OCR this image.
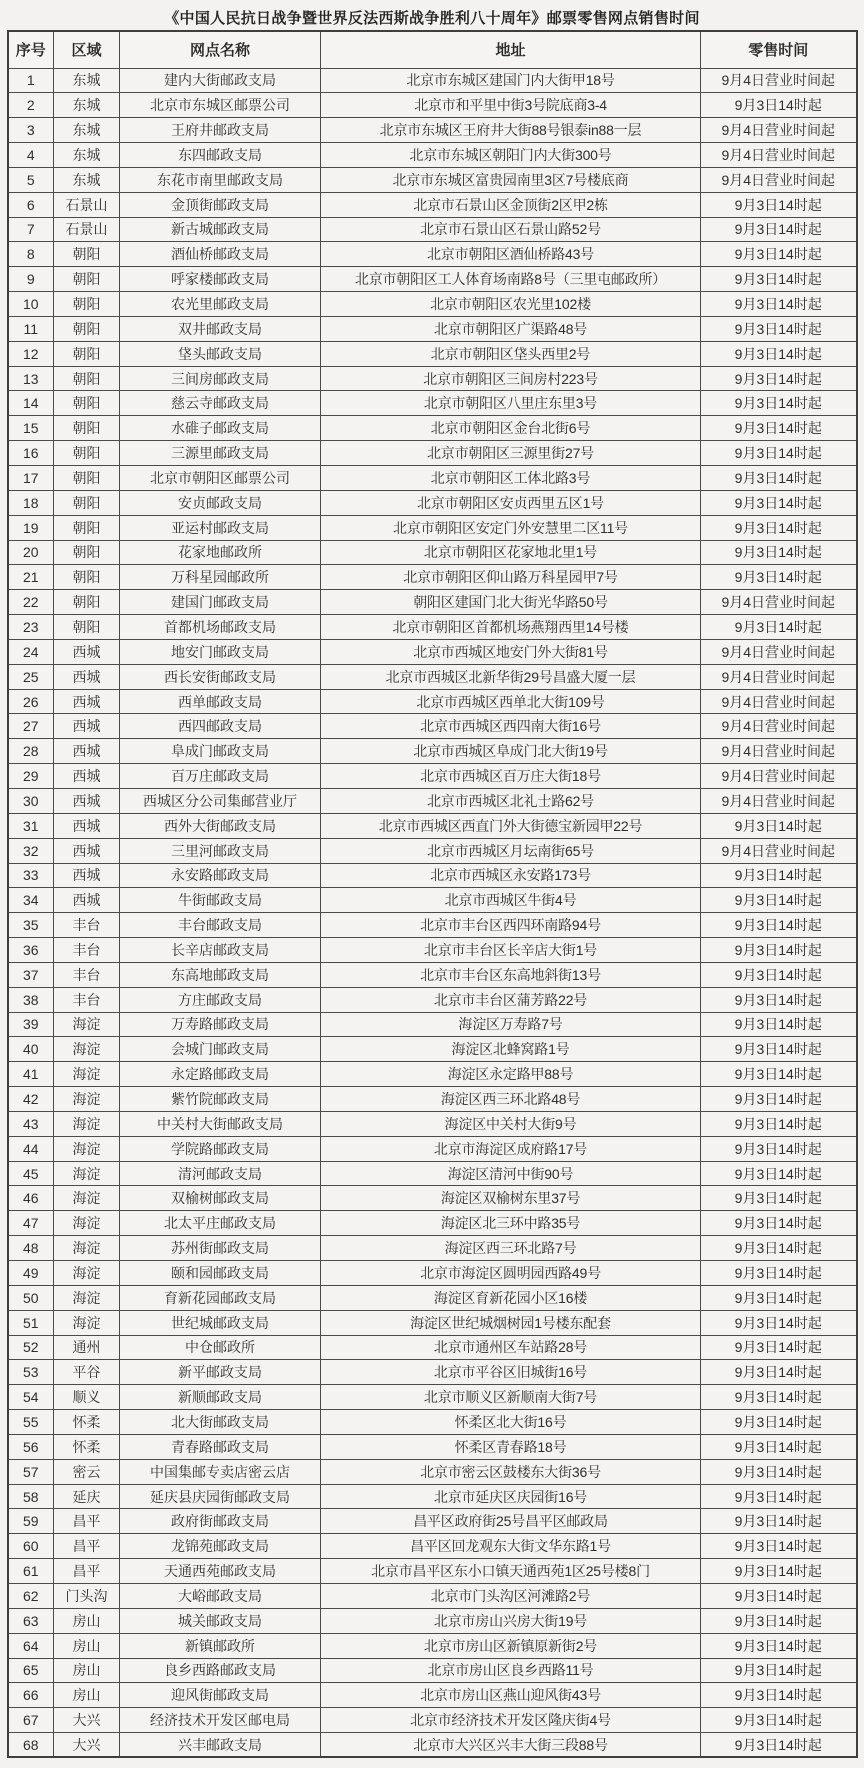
《中国人民抗日战争暨世界反法西斯战争胜利八十周年》邮票零售网点销售时间
序号	区域	网点名称	地址	零售时间
1	东城	建内大街邮政支局	北京市东城区建国门内大街甲18号	9月4日营业时间起
2	东城	北京市东城区邮票公司	北京市和平里中街3号院底商3-4	9月3日14时起
3	东城	王府井邮政支局	北京市东城区王府井大街88号银泰in88一层	9月4日营业时间起
4	东城	东四邮政支局	北京市东城区朝阳门内大街300号	9月4日营业时间起
5	东城	东花市南里邮政支局	北京市东城区富贵园南里3区7号楼底商	9月4日营业时间起
6	石景山	金顶街邮政支局	北京市石景山区金顶街2区甲2栋	9月3日14时起
7	石景山	新古城邮政支局	北京市石景山区石景山路52号	9月3日14时起
8	朝阳	酒仙桥邮政支局	北京市朝阳区酒仙桥路43号	9月3日14时起
9	朝阳	呼家楼邮政支局	北京市朝阳区工人体育场南路8号（三里屯邮政所）	9月3日14时起
10	朝阳	农光里邮政支局	北京市朝阳区农光里102楼	9月3日14时起
11	朝阳	双井邮政支局	北京市朝阳区广渠路48号	9月3日14时起
12	朝阳	垡头邮政支局	北京市朝阳区垡头西里2号	9月3日14时起
13	朝阳	三间房邮政支局	北京市朝阳区三间房村223号	9月3日14时起
14	朝阳	慈云寺邮政支局	北京市朝阳区八里庄东里3号	9月3日14时起
15	朝阳	水碓子邮政支局	北京市朝阳区金台北街6号	9月3日14时起
16	朝阳	三源里邮政支局	北京市朝阳区三源里街27号	9月3日14时起
17	朝阳	北京市朝阳区邮票公司	北京市朝阳区工体北路3号	9月3日14时起
18	朝阳	安贞邮政支局	北京市朝阳区安贞西里五区1号	9月3日14时起
19	朝阳	亚运村邮政支局	北京市朝阳区安定门外安慧里二区11号	9月3日14时起
20	朝阳	花家地邮政所	北京市朝阳区花家地北里1号	9月3日14时起
21	朝阳	万科星园邮政所	北京市朝阳区仰山路万科星园甲7号	9月3日14时起
22	朝阳	建国门邮政支局	朝阳区建国门北大街光华路50号	9月4日营业时间起
23	朝阳	首都机场邮政支局	北京市朝阳区首都机场燕翔西里14号楼	9月3日14时起
24	西城	地安门邮政支局	北京市西城区地安门外大街81号	9月4日营业时间起
25	西城	西长安街邮政支局	北京市西城区北新华街29号昌盛大厦一层	9月4日营业时间起
26	西城	西单邮政支局	北京市西城区西单北大街109号	9月4日营业时间起
27	西城	西四邮政支局	北京市西城区西四南大街16号	9月4日营业时间起
28	西城	阜成门邮政支局	北京市西城区阜成门北大街19号	9月4日营业时间起
29	西城	百万庄邮政支局	北京市西城区百万庄大街18号	9月4日营业时间起
30	西城	西城区分公司集邮营业厅	北京市西城区北礼士路62号	9月4日营业时间起
31	西城	西外大街邮政支局	北京市西城区西直门外大街德宝新园甲22号	9月3日14时起
32	西城	三里河邮政支局	北京市西城区月坛南街65号	9月4日营业时间起
33	西城	永安路邮政支局	北京市西城区永安路173号	9月3日14时起
34	西城	牛街邮政支局	北京市西城区牛街4号	9月3日14时起
35	丰台	丰台邮政支局	北京市丰台区西四环南路94号	9月3日14时起
36	丰台	长辛店邮政支局	北京市丰台区长辛店大街1号	9月3日14时起
37	丰台	东高地邮政支局	北京市丰台区东高地斜街13号	9月3日14时起
38	丰台	方庄邮政支局	北京市丰台区蒲芳路22号	9月3日14时起
39	海淀	万寿路邮政支局	海淀区万寿路7号	9月3日14时起
40	海淀	会城门邮政支局	海淀区北蜂窝路1号	9月3日14时起
41	海淀	永定路邮政支局	海淀区永定路甲88号	9月3日14时起
42	海淀	紫竹院邮政支局	海淀区西三环北路48号	9月3日14时起
43	海淀	中关村大街邮政支局	海淀区中关村大街9号	9月3日14时起
44	海淀	学院路邮政支局	北京市海淀区成府路17号	9月3日14时起
45	海淀	清河邮政支局	海淀区清河中街90号	9月3日14时起
46	海淀	双榆树邮政支局	海淀区双榆树东里37号	9月3日14时起
47	海淀	北太平庄邮政支局	海淀区北三环中路35号	9月3日14时起
48	海淀	苏州街邮政支局	海淀区西三环北路7号	9月3日14时起
49	海淀	颐和园邮政支局	北京市海淀区圆明园西路49号	9月3日14时起
50	海淀	育新花园邮政支局	海淀区育新花园小区16楼	9月3日14时起
51	海淀	世纪城邮政支局	海淀区世纪城烟树园1号楼东配套	9月3日14时起
52	通州	中仓邮政所	北京市通州区车站路28号	9月3日14时起
53	平谷	新平邮政支局	北京市平谷区旧城街16号	9月3日14时起
54	顺义	新顺邮政支局	北京市顺义区新顺南大街7号	9月3日14时起
55	怀柔	北大街邮政支局	怀柔区北大街16号	9月3日14时起
56	怀柔	青春路邮政支局	怀柔区青春路18号	9月3日14时起
57	密云	中国集邮专卖店密云店	北京市密云区鼓楼东大街36号	9月3日14时起
58	延庆	延庆县庆园街邮政支局	北京市延庆区庆园街16号	9月3日14时起
59	昌平	政府街邮政支局	昌平区政府街25号昌平区邮政局	9月3日14时起
60	昌平	龙锦苑邮政支局	昌平区回龙观东大街文华东路1号	9月3日14时起
61	昌平	天通西苑邮政支局	北京市昌平区东小口镇天通西苑1区25号楼8门	9月3日14时起
62	门头沟	大峪邮政支局	北京市门头沟区河滩路2号	9月3日14时起
63	房山	城关邮政支局	北京市房山兴房大街19号	9月3日14时起
64	房山	新镇邮政所	北京市房山区新镇原新街2号	9月3日14时起
65	房山	良乡西路邮政支局	北京市房山区良乡西路11号	9月3日14时起
66	房山	迎风街邮政支局	北京市房山区燕山迎风街43号	9月3日14时起
67	大兴	经济技术开发区邮电局	北京市经济技术开发区隆庆街4号	9月3日14时起
68	大兴	兴丰邮政支局	北京市大兴区兴丰大街三段88号	9月3日14时起
